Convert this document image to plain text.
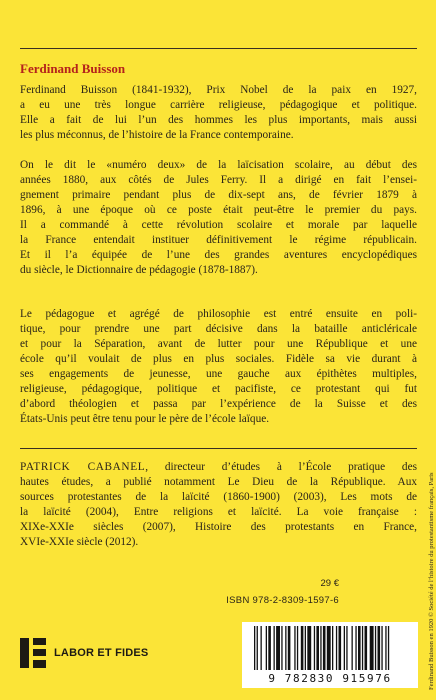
Ferdinand Buisson

Ferdinand Buisson (1841-1932), Prix Nobel de la paix en 1927,
a eu une très longue carrière religieuse, pédagogique et politique.
Elle a fait de lui l’un des hommes les plus importants, mais aussi
les plus méconnus, de l’histoire de la France contemporaine.

On le dit le «numéro deux» de la laïcisation scolaire, au début des
années 1880, aux côtés de Jules Ferry. Il a dirigé en fait l’ensei-
gnement primaire pendant plus de dix-sept ans, de février 1879 à
1896, à une époque où ce poste était peut-être le premier du pays.
Il a commandé à cette révolution scolaire et morale par laquelle
la France entendait instituer définitivement le régime républicain.
Et il l’a équipée de l’une des grandes aventures encyclopédiques
du siècle, le Dictionnaire de pédagogie (1878-1887).

Le pédagogue et agrégé de philosophie est entré ensuite en poli-
tique, pour prendre une part décisive dans la bataille anticléricale
et pour la Séparation, avant de lutter pour une République et une
école qu’il voulait de plus en plus sociales. Fidèle sa vie durant à
ses engagements de jeunesse, une gauche aux épithètes multiples,
religieuse, pédagogique, politique et pacifiste, ce protestant qui fut
d’abord théologien et passa par l’expérience de la Suisse et des
États-Unis peut être tenu pour le père de l’école laïque.

PATRICK CABANEL, directeur d’études à l’École pratique des
hautes études, a publié notamment Le Dieu de la République. Aux
sources protestantes de la laïcité (1860-1900) (2003), Les mots de
la laïcité (2004), Entre religions et laïcité. La voie française :
XIXe-XXIe siècles (2007), Histoire des protestants en France,
XVIe-XXIe siècle (2012).

29 €
ISBN 978-2-8309-1597-6
LABOR ET FIDES
9 782830 915976	Ferdinand Buisson en 1920 © Société de l’histoire du protestantisme français, Paris
